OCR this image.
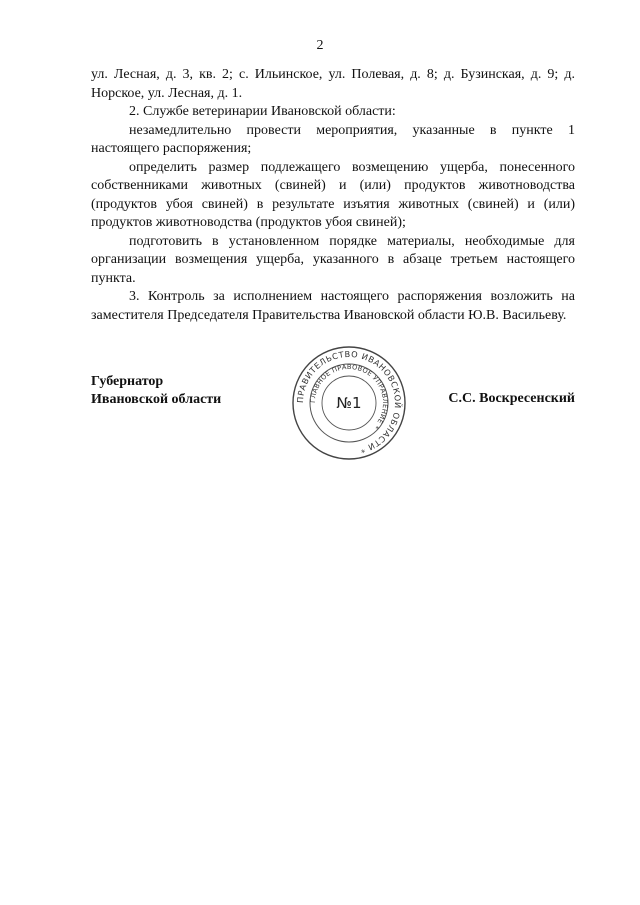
2

ул. Лесная, д. 3, кв. 2; с. Ильинское, ул. Полевая, д. 8; д. Бузинская, д. 9; д. Норское, ул. Лесная, д. 1.

2. Службе ветеринарии Ивановской области:

незамедлительно провести мероприятия, указанные в пункте 1 настоящего распоряжения;

определить размер подлежащего возмещению ущерба, понесенного собственниками животных (свиней) и (или) продуктов животноводства (продуктов убоя свиней) в результате изъятия животных (свиней) и (или) продуктов животноводства (продуктов убоя свиней);

подготовить в установленном порядке материалы, необходимые для организации возмещения ущерба, указанного в абзаце третьем настоящего пункта.

3. Контроль за исполнением настоящего распоряжения возложить на заместителя Председателя Правительства Ивановской области Ю.В. Васильеву.

Губернатор
Ивановской области	ПРАВИТЕЛЬСТВО ИВАНОВСКОЙ ОБЛАСТИ *
ГЛАВНОЕ ПРАВОВОЕ УПРАВЛЕНИЕ *
№1	С.С. Воскресенский
